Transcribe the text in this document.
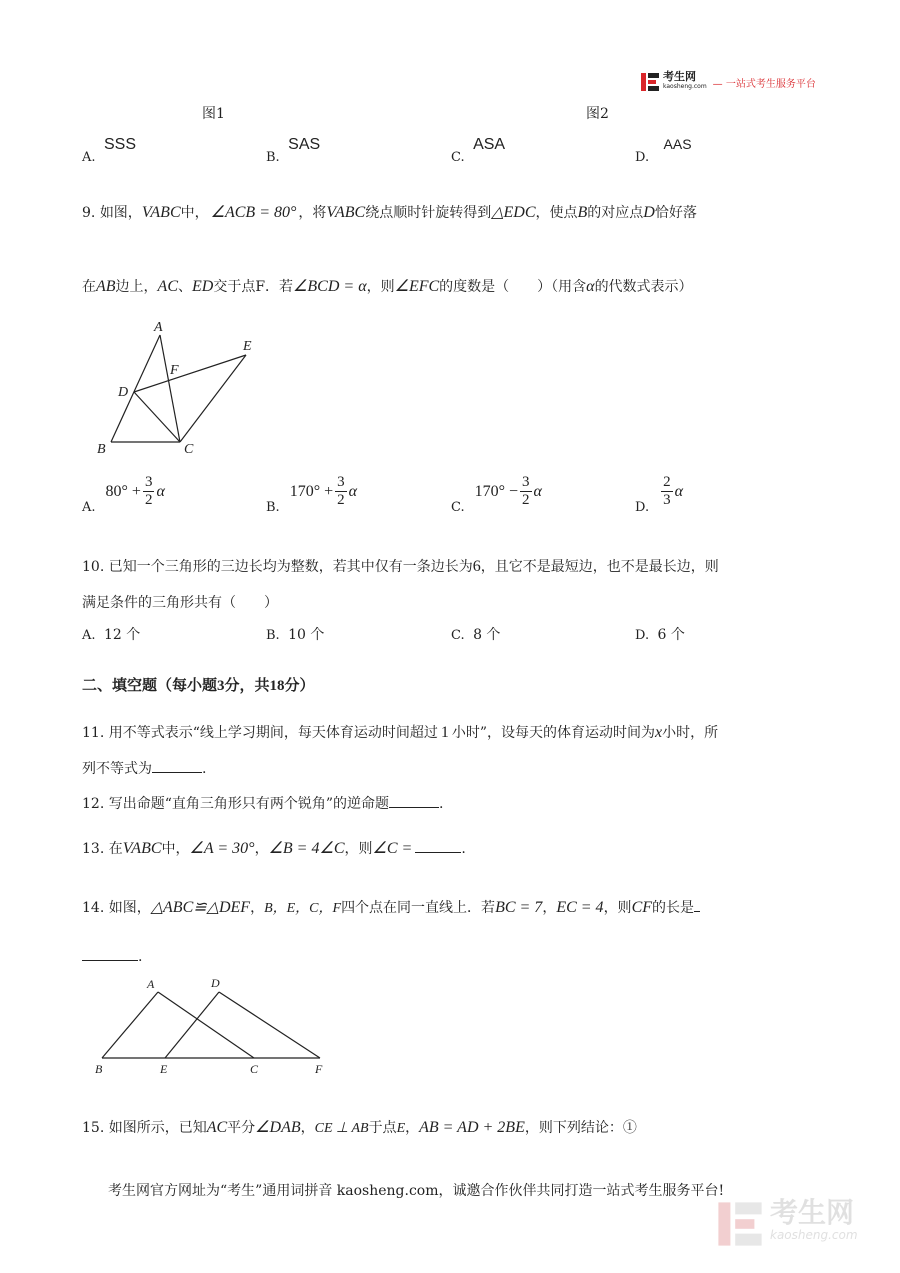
考生网
kaosheng.com — 一站式考生服务平台
图1	图2
A. SSS
B. SAS
C. ASA
D. AAS
9. 如图，VABC中， ∠ACB = 80° ，将VABC绕点顺时针旋转得到△EDC，使点B的对应点D恰好落
在AB边上，AC、ED交于点F．若∠BCD = α，则∠EFC的度数是（　　）（用含α的代数式表示）
A
E
F
D
B	C
A.
$80^\circ + \frac{3}{2}$ α
B.
$170^\circ + \frac{3}{2}$ α
C.
$170^\circ - \frac{3}{2}$ α
D. $\frac{2}{3}$ α
10. 已知一个三角形的三边长均为整数，若其中仅有一条边长为6，且它不是最短边，也不是最长边，则
满足条件的三角形共有（　　）
A. 12 个	B. 10 个	C. 8 个	D. 6 个
二、填空题（每小题3分，共18分）
11. 用不等式表示“线上学习期间，每天体育运动时间超过 1 小时”，设每天的体育运动时间为x小时，所
列不等式为	.
12. 写出命题“直角三角形只有两个锐角”的逆命题	.
13. 在VABC中，∠A = 30°，∠B = 4∠C，则∠C =	.
14. 如图，△ABC≌△DEF，B，E，C，F四个点在同一直线上．若BC = 7，EC = 4，则CF的长是
.
A	D
B	E	C	F
15. 如图所示，已知AC平分∠DAB，CE ⊥ AB于点E，AB = AD + 2BE，则下列结论：①
考生网官方网址为“考生”通用词拼音 kaosheng.com，诚邀合作伙伴共同打造一站式考生服务平台!
考生网
kaosheng.com
